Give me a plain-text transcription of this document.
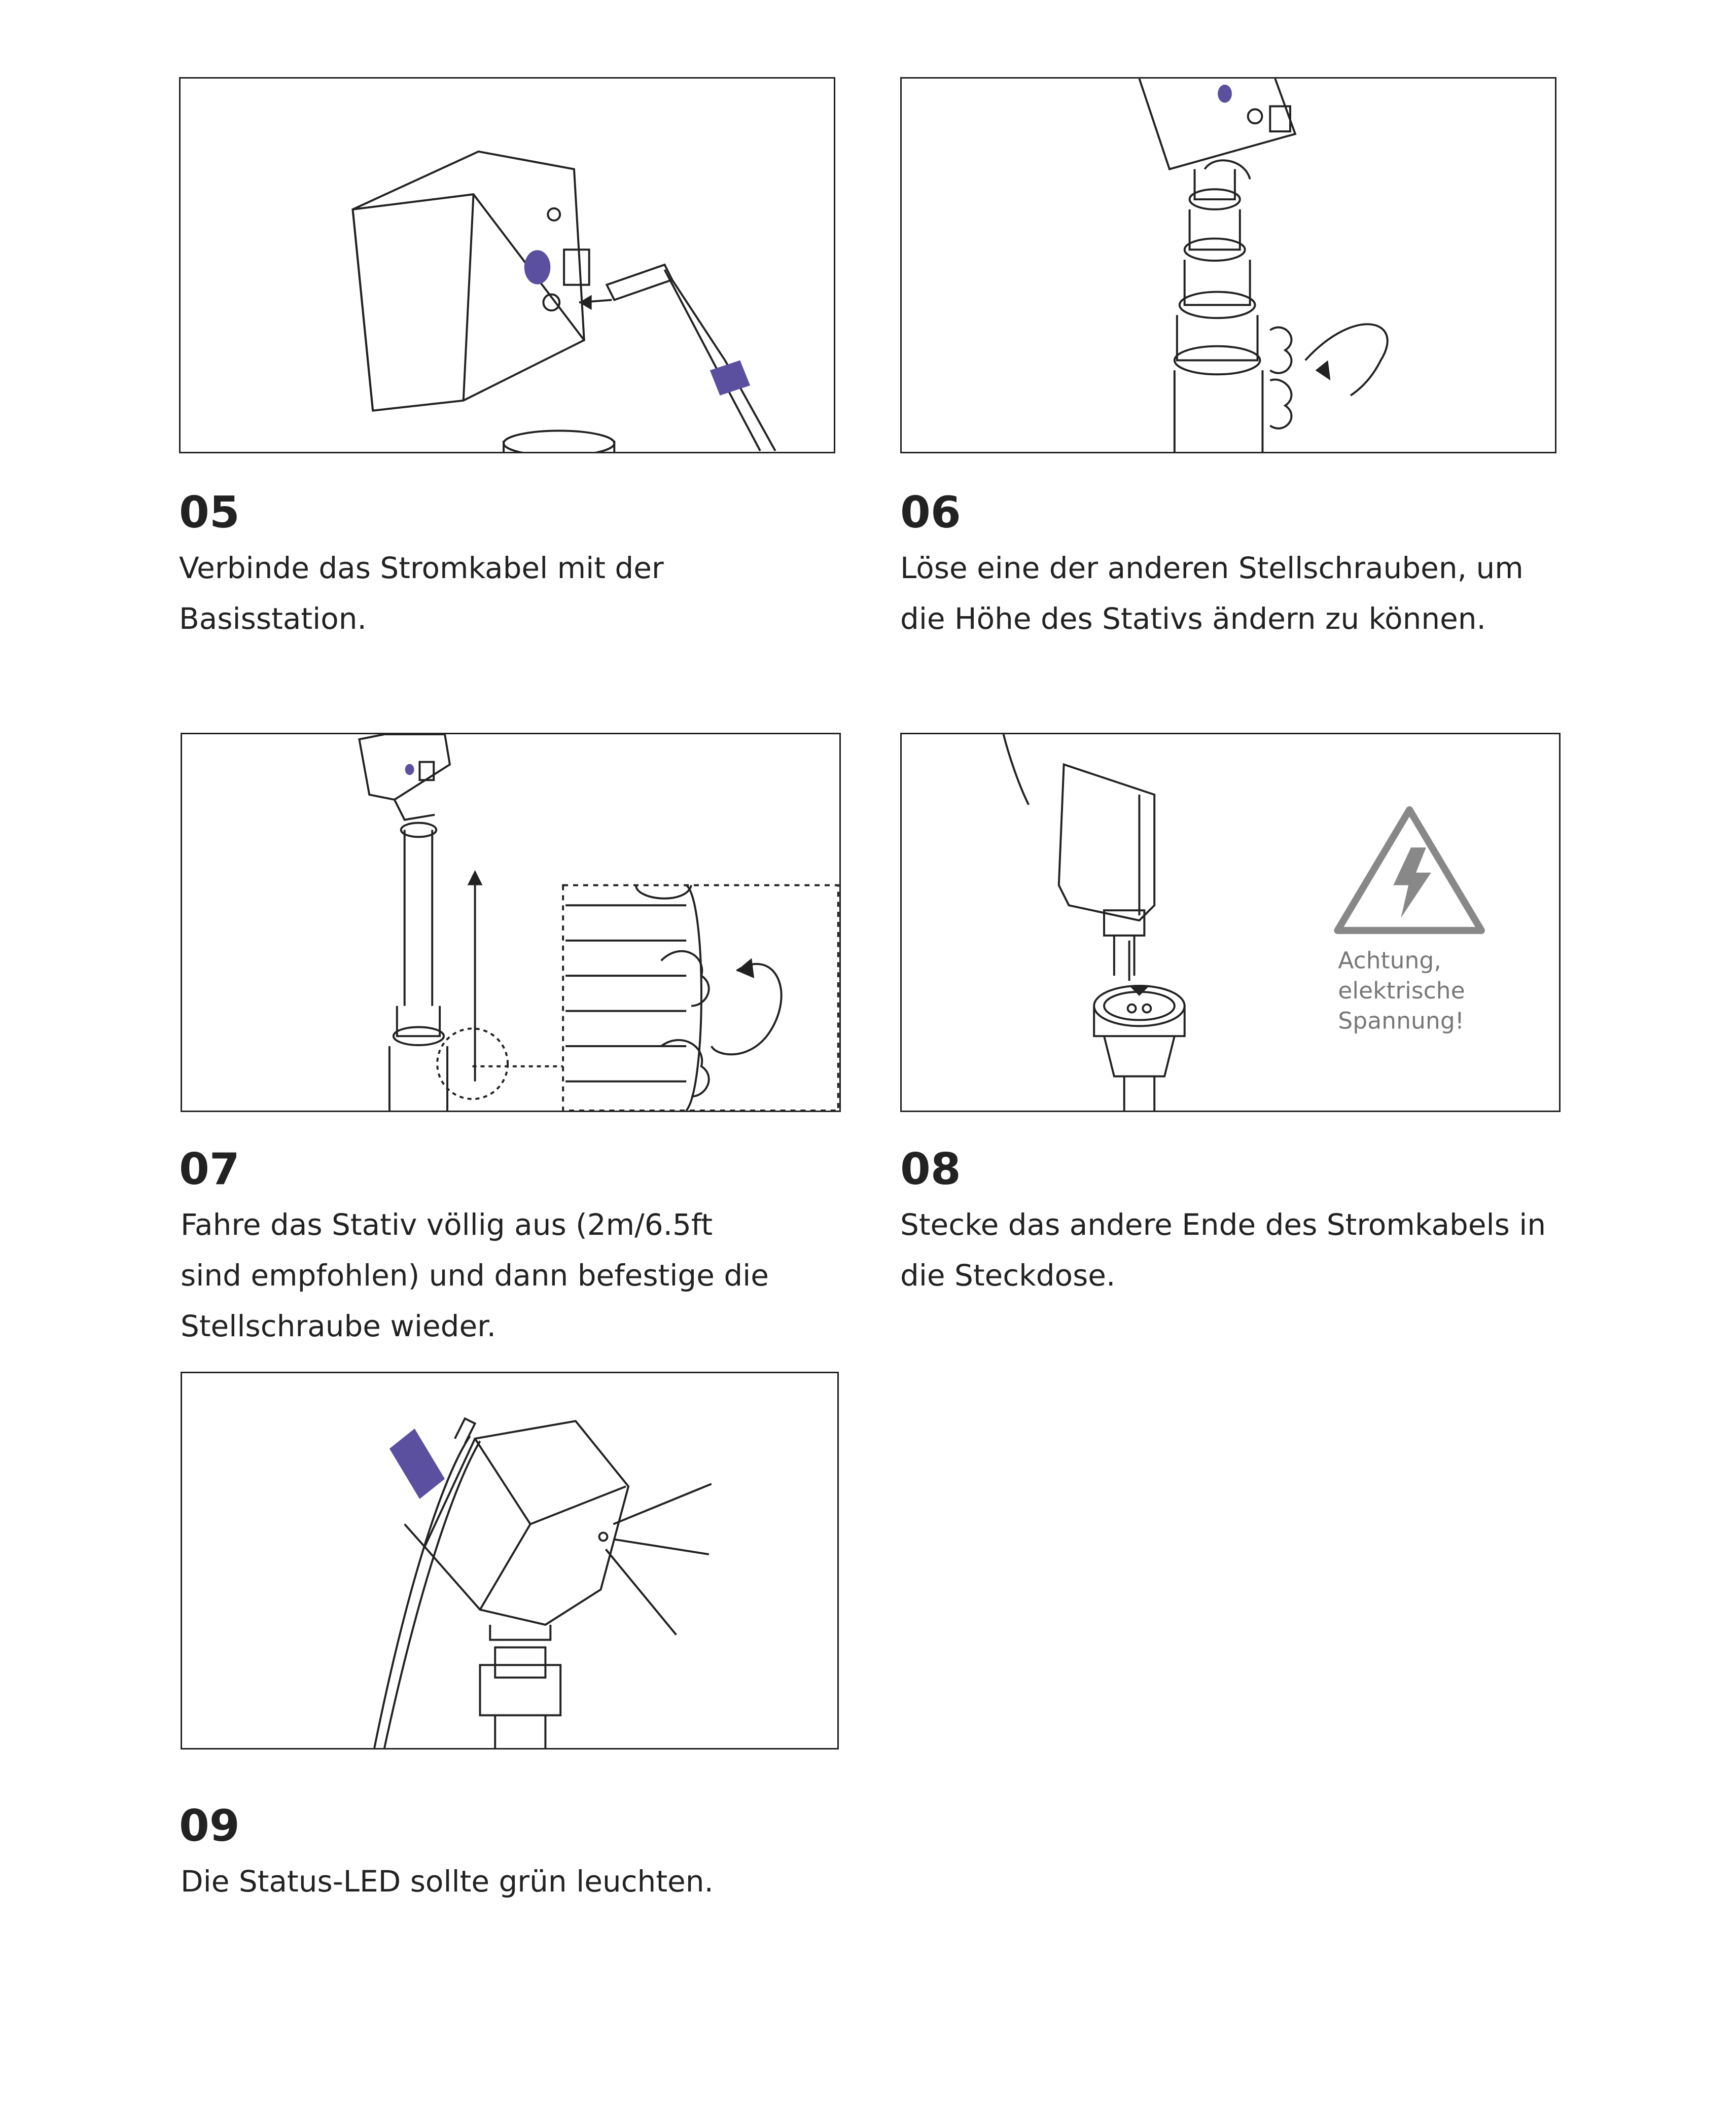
05
Verbinde das Stromkabel mit der
Basisstation.
06
Löse eine der anderen Stellschrauben, um
die Höhe des Stativs ändern zu können.
07
Fahre das Stativ völlig aus (2m/6.5ft
sind empfohlen) und dann befestige die
Stellschraube wieder.
Achtung,
elektrische
Spannung!
08
Stecke das andere Ende des Stromkabels in
die Steckdose.
09
Die Status-LED sollte grün leuchten.
